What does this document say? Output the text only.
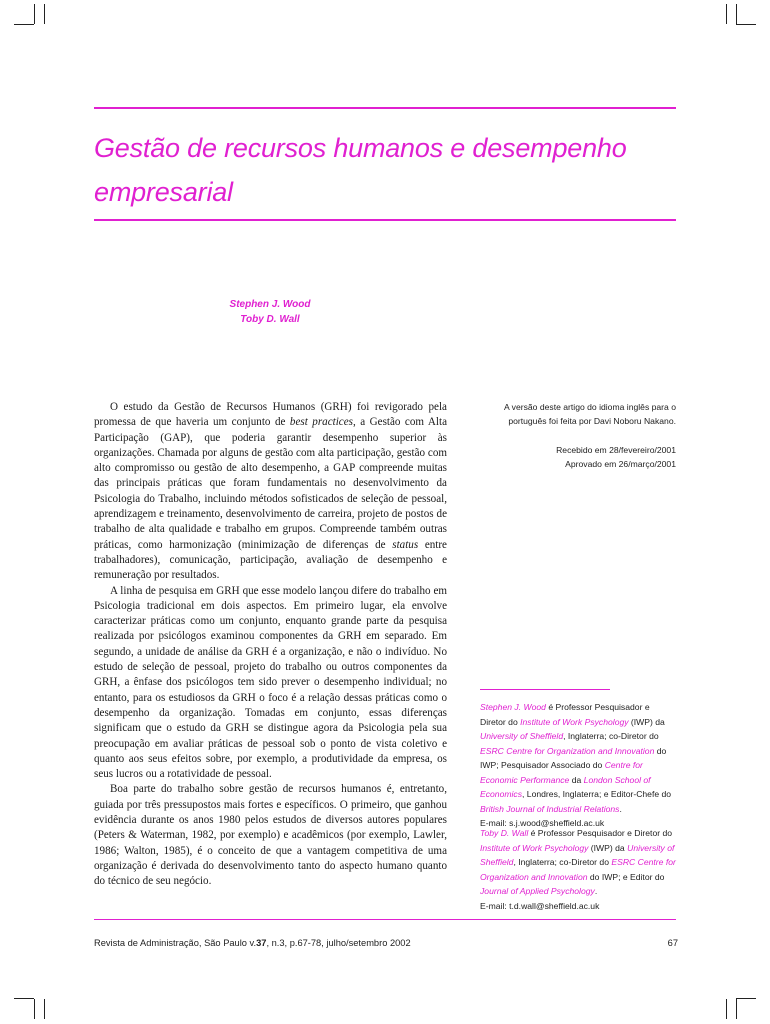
Gestão de recursos humanos e desempenho empresarial
Stephen J. Wood
Toby D. Wall

O estudo da Gestão de Recursos Humanos (GRH) foi revigorado pela promessa de que haveria um conjunto de best practices, a Gestão com Alta Participação (GAP), que poderia garantir desempenho superior às organizações. Chamada por alguns de gestão com alta participação, gestão com alto compromisso ou gestão de alto desempenho, a GAP compreende muitas das principais práticas que foram fundamentais no desenvolvimento da Psicologia do Trabalho, incluindo métodos sofisticados de seleção de pessoal, aprendizagem e treinamento, desenvolvimento de carreira, projeto de postos de trabalho de alta qualidade e trabalho em grupos. Compreende também outras práticas, como harmonização (minimização de diferenças de status entre trabalhadores), comunicação, participação, avaliação de desempenho e remuneração por resultados.

A linha de pesquisa em GRH que esse modelo lançou difere do trabalho em Psicologia tradicional em dois aspectos. Em primeiro lugar, ela envolve caracterizar práticas como um conjunto, enquanto grande parte da pesquisa realizada por psicólogos examinou componentes da GRH em separado. Em segundo, a unidade de análise da GRH é a organização, e não o indivíduo. No estudo de seleção de pessoal, projeto do trabalho ou outros componentes da GRH, a ênfase dos psicólogos tem sido prever o desempenho individual; no entanto, para os estudiosos da GRH o foco é a relação dessas práticas como o desempenho da organização. Tomadas em conjunto, essas diferenças significam que o estudo da GRH se distingue agora da Psicologia pela sua preocupação em avaliar práticas de pessoal sob o ponto de vista coletivo e quanto aos seus efeitos sobre, por exemplo, a produtividade da empresa, os seus lucros ou a rotatividade de pessoal.

Boa parte do trabalho sobre gestão de recursos humanos é, entretanto, guiada por três pressupostos mais fortes e específicos. O primeiro, que ganhou evidência durante os anos 1980 pelos estudos de diversos autores populares (Peters & Waterman, 1982, por exemplo) e acadêmicos (por exemplo, Lawler, 1986; Walton, 1985), é o conceito de que a vantagem competitiva de uma organização é derivada do desenvolvimento tanto do aspecto humano quanto do técnico de seu negócio.

A versão deste artigo do idioma inglês para o português foi feita por Davi Noboru Nakano.
Recebido em 28/fevereiro/2001
Aprovado em 26/março/2001
Stephen J. Wood é Professor Pesquisador e Diretor do Institute of Work Psychology (IWP) da University of Sheffield, Inglaterra; co-Diretor do ESRC Centre for Organization and Innovation do IWP; Pesquisador Associado do Centre for Economic Performance da London School of Economics, Londres, Inglaterra; e Editor-Chefe do British Journal of Industrial Relations.
E-mail: s.j.wood@sheffield.ac.uk
Toby D. Wall é Professor Pesquisador e Diretor do Institute of Work Psychology (IWP) da University of Sheffield, Inglaterra; co-Diretor do ESRC Centre for Organization and Innovation do IWP; e Editor do Journal of Applied Psychology.
E-mail: t.d.wall@sheffield.ac.uk
Revista de Administração, São Paulo v.37, n.3, p.67-78, julho/setembro 2002	67
